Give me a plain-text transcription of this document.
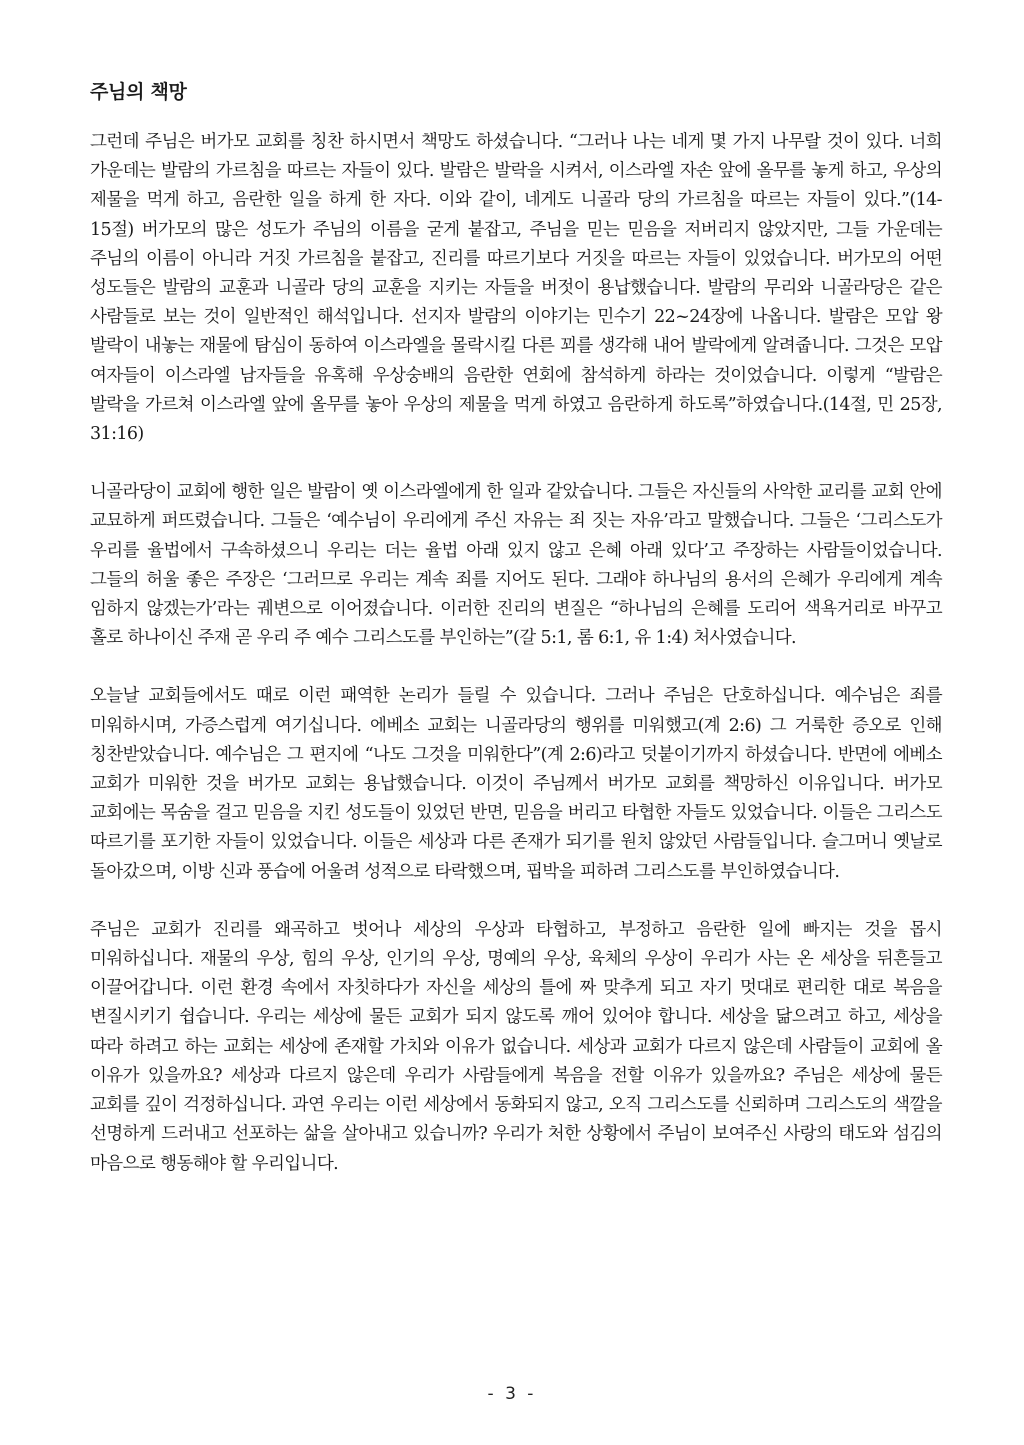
주님의 책망

그런데 주님은 버가모 교회를 칭찬 하시면서 책망도 하셨습니다. “그러나 나는 네게 몇 가지 나무랄 것이 있다. 너희 가운데는 발람의 가르침을 따르는 자들이 있다. 발람은 발락을 시켜서, 이스라엘 자손 앞에 올무를 놓게 하고, 우상의 제물을 먹게 하고, 음란한 일을 하게 한 자다. 이와 같이, 네게도 니골라 당의 가르침을 따르는 자들이 있다.”(14-15절) 버가모의 많은 성도가 주님의 이름을 굳게 붙잡고, 주님을 믿는 믿음을 저버리지 않았지만, 그들 가운데는 주님의 이름이 아니라 거짓 가르침을 붙잡고, 진리를 따르기보다 거짓을 따르는 자들이 있었습니다. 버가모의 어떤 성도들은 발람의 교훈과 니골라 당의 교훈을 지키는 자들을 버젓이 용납했습니다. 발람의 무리와 니골라당은 같은 사람들로 보는 것이 일반적인 해석입니다. 선지자 발람의 이야기는 민수기 22~24장에 나옵니다. 발람은 모압 왕 발락이 내놓는 재물에 탐심이 동하여 이스라엘을 몰락시킬 다른 꾀를 생각해 내어 발락에게 알려줍니다. 그것은 모압 여자들이 이스라엘 남자들을 유혹해 우상숭배의 음란한 연회에 참석하게 하라는 것이었습니다. 이렇게 “발람은 발락을 가르쳐 이스라엘 앞에 올무를 놓아 우상의 제물을 먹게 하였고 음란하게 하도록”하였습니다.(14절, 민 25장, 31:16)

니골라당이 교회에 행한 일은 발람이 옛 이스라엘에게 한 일과 같았습니다. 그들은 자신들의 사악한 교리를 교회 안에 교묘하게 퍼뜨렸습니다. 그들은 ‘예수님이 우리에게 주신 자유는 죄 짓는 자유’라고 말했습니다. 그들은 ‘그리스도가 우리를 율법에서 구속하셨으니 우리는 더는 율법 아래 있지 않고 은혜 아래 있다’고 주장하는 사람들이었습니다. 그들의 허울 좋은 주장은 ‘그러므로 우리는 계속 죄를 지어도 된다. 그래야 하나님의 용서의 은혜가 우리에게 계속 임하지 않겠는가’라는 궤변으로 이어졌습니다. 이러한 진리의 변질은 “하나님의 은혜를 도리어 색욕거리로 바꾸고 홀로 하나이신 주재 곧 우리 주 예수 그리스도를 부인하는”(갈 5:1, 롬 6:1, 유 1:4) 처사였습니다.

오늘날 교회들에서도 때로 이런 패역한 논리가 들릴 수 있습니다. 그러나 주님은 단호하십니다. 예수님은 죄를 미워하시며, 가증스럽게 여기십니다. 에베소 교회는 니골라당의 행위를 미워했고(계 2:6) 그 거룩한 증오로 인해 칭찬받았습니다. 예수님은 그 편지에 “나도 그것을 미워한다”(계 2:6)라고 덧붙이기까지 하셨습니다. 반면에 에베소 교회가 미워한 것을 버가모 교회는 용납했습니다. 이것이 주님께서 버가모 교회를 책망하신 이유입니다. 버가모 교회에는 목숨을 걸고 믿음을 지킨 성도들이 있었던 반면, 믿음을 버리고 타협한 자들도 있었습니다. 이들은 그리스도 따르기를 포기한 자들이 있었습니다. 이들은 세상과 다른 존재가 되기를 원치 않았던 사람들입니다. 슬그머니 옛날로 돌아갔으며, 이방 신과 풍습에 어울려 성적으로 타락했으며, 핍박을 피하려 그리스도를 부인하였습니다.

주님은 교회가 진리를 왜곡하고 벗어나 세상의 우상과 타협하고, 부정하고 음란한 일에 빠지는 것을 몹시 미워하십니다. 재물의 우상, 힘의 우상, 인기의 우상, 명예의 우상, 육체의 우상이 우리가 사는 온 세상을 뒤흔들고 이끌어갑니다. 이런 환경 속에서 자칫하다가 자신을 세상의 틀에 짜 맞추게 되고 자기 멋대로 편리한 대로 복음을 변질시키기 쉽습니다. 우리는 세상에 물든 교회가 되지 않도록 깨어 있어야 합니다. 세상을 닮으려고 하고, 세상을 따라 하려고 하는 교회는 세상에 존재할 가치와 이유가 없습니다. 세상과 교회가 다르지 않은데 사람들이 교회에 올 이유가 있을까요? 세상과 다르지 않은데 우리가 사람들에게 복음을 전할 이유가 있을까요? 주님은 세상에 물든 교회를 깊이 걱정하십니다. 과연 우리는 이런 세상에서 동화되지 않고, 오직 그리스도를 신뢰하며 그리스도의 색깔을 선명하게 드러내고 선포하는 삶을 살아내고 있습니까? 우리가 처한 상황에서 주님이 보여주신 사랑의 태도와 섬김의 마음으로 행동해야 할 우리입니다.

- 3 -
